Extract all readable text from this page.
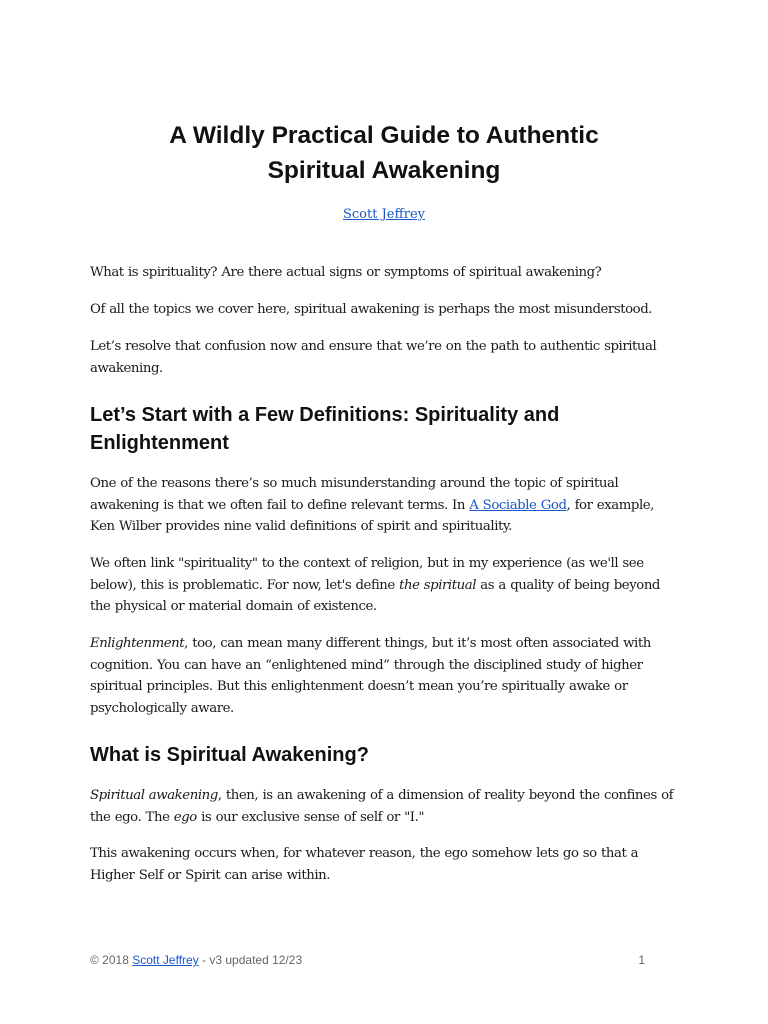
A Wildly Practical Guide to Authentic Spiritual Awakening
Scott Jeffrey

What is spirituality? Are there actual signs or symptoms of spiritual awakening?

Of all the topics we cover here, spiritual awakening is perhaps the most misunderstood.

Let’s resolve that confusion now and ensure that we’re on the path to authentic spiritual awakening.

Let’s Start with a Few Definitions: Spirituality and Enlightenment

One of the reasons there’s so much misunderstanding around the topic of spiritual awakening is that we often fail to define relevant terms. In A Sociable God, for example, Ken Wilber provides nine valid definitions of spirit and spirituality.

We often link "spirituality" to the context of religion, but in my experience (as we'll see below), this is problematic. For now, let's define the spiritual as a quality of being beyond the physical or material domain of existence.

Enlightenment, too, can mean many different things, but it’s most often associated with cognition. You can have an “enlightened mind” through the disciplined study of higher spiritual principles. But this enlightenment doesn’t mean you’re spiritually awake or psychologically aware.

What is Spiritual Awakening?

Spiritual awakening, then, is an awakening of a dimension of reality beyond the confines of the ego. The ego is our exclusive sense of self or "I."

This awakening occurs when, for whatever reason, the ego somehow lets go so that a Higher Self or Spirit can arise within.

© 2018 Scott Jeffrey - v3 updated 12/23	1
